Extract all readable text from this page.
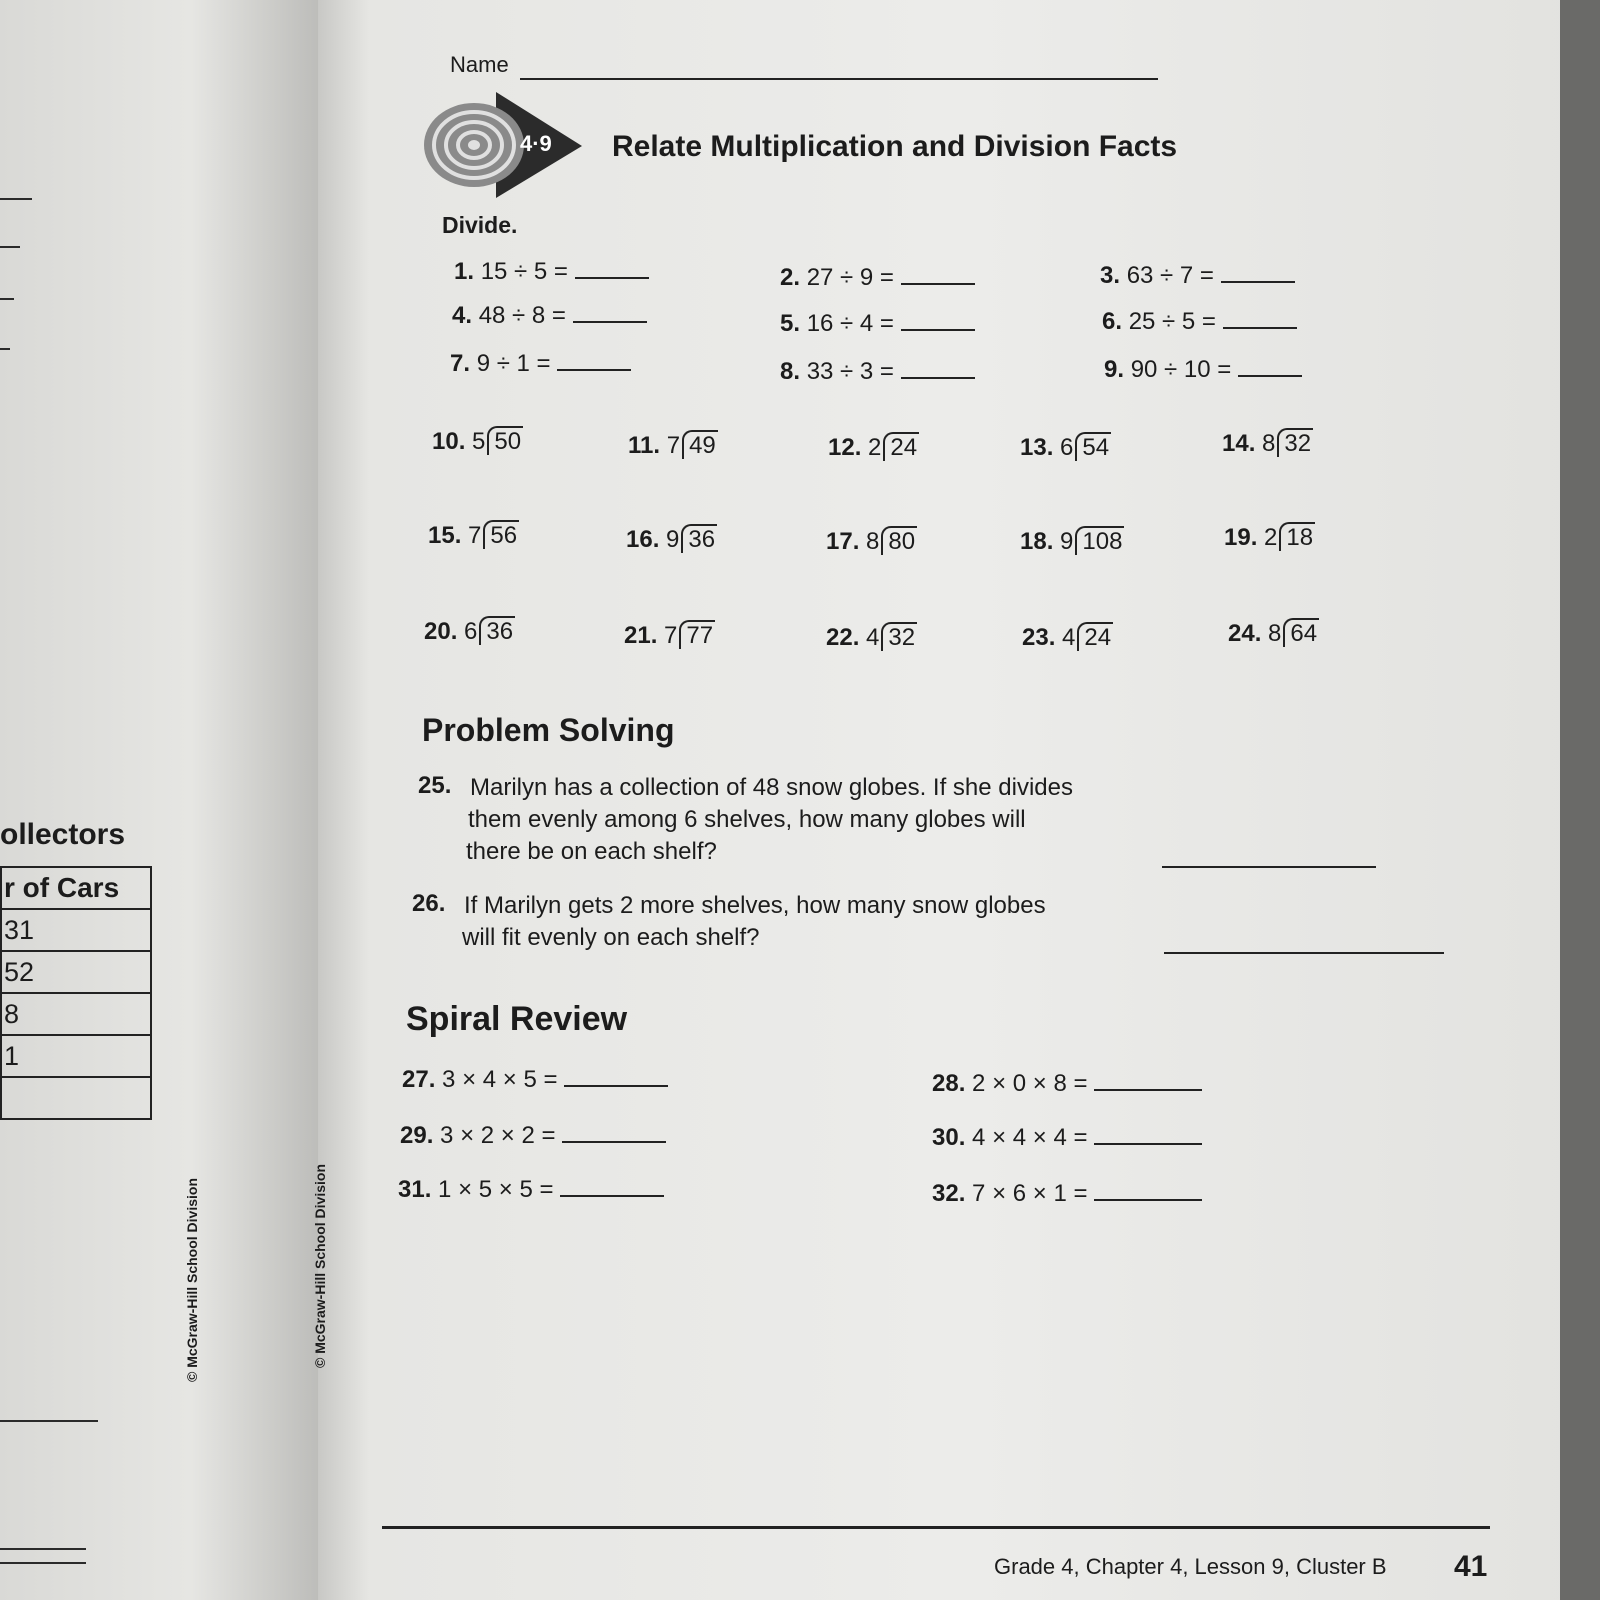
ollectors
r of Cars
31
52
8
1

© McGraw-Hill School Division
Name
4·9 Relate Multiplication and Division Facts
Divide.
1. 15 ÷ 5 =	2. 27 ÷ 9 =	3. 63 ÷ 7 =
4. 48 ÷ 8 =	5. 16 ÷ 4 =	6. 25 ÷ 5 =
7. 9 ÷ 1 =	8. 33 ÷ 3 =	9. 90 ÷ 10 =
10. 5 50	11. 7 49	12. 2 24	13. 6 54	14. 8 32
15. 7 56	16. 9 36	17. 8 80	18. 9 108	19. 2 18
20. 6 36	21. 7 77	22. 4 32	23. 4 24	24. 8 64
Problem Solving
25. Marilyn has a collection of 48 snow globes. If she divides
them evenly among 6 shelves, how many globes will
there be on each shelf?
26. If Marilyn gets 2 more shelves, how many snow globes
will fit evenly on each shelf?
Spiral Review
27. 3 × 4 × 5 =	28. 2 × 0 × 8 =
29. 3 × 2 × 2 =	30. 4 × 4 × 4 =
31. 1 × 5 × 5 =	32. 7 × 6 × 1 =
© McGraw-Hill School Division
Grade 4, Chapter 4, Lesson 9, Cluster B 41
